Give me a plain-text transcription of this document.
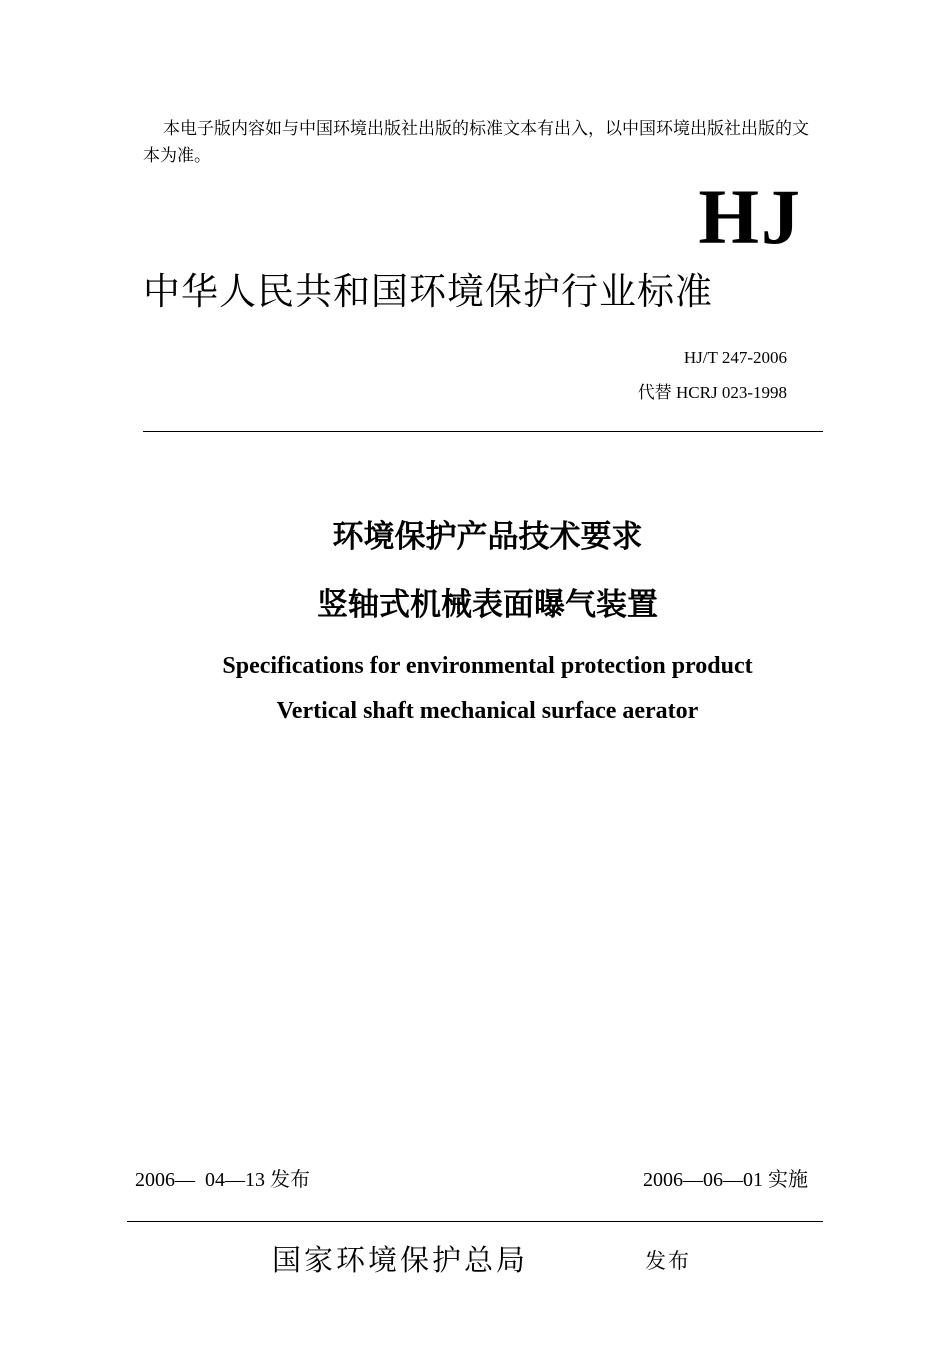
本电子版内容如与中国环境出版社出版的标准文本有出入，以中国环境出版社出版的文本为准。

HJ
中华人民共和国环境保护行业标准
HJ/T 247-2006
代替 HCRJ 023-1998
环境保护产品技术要求
竖轴式机械表面曝气装置
Specifications for environmental protection product
Vertical shaft mechanical surface aerator
2006—  04—13 发布	2006—06—01 实施
国家环境保护总局	发布
